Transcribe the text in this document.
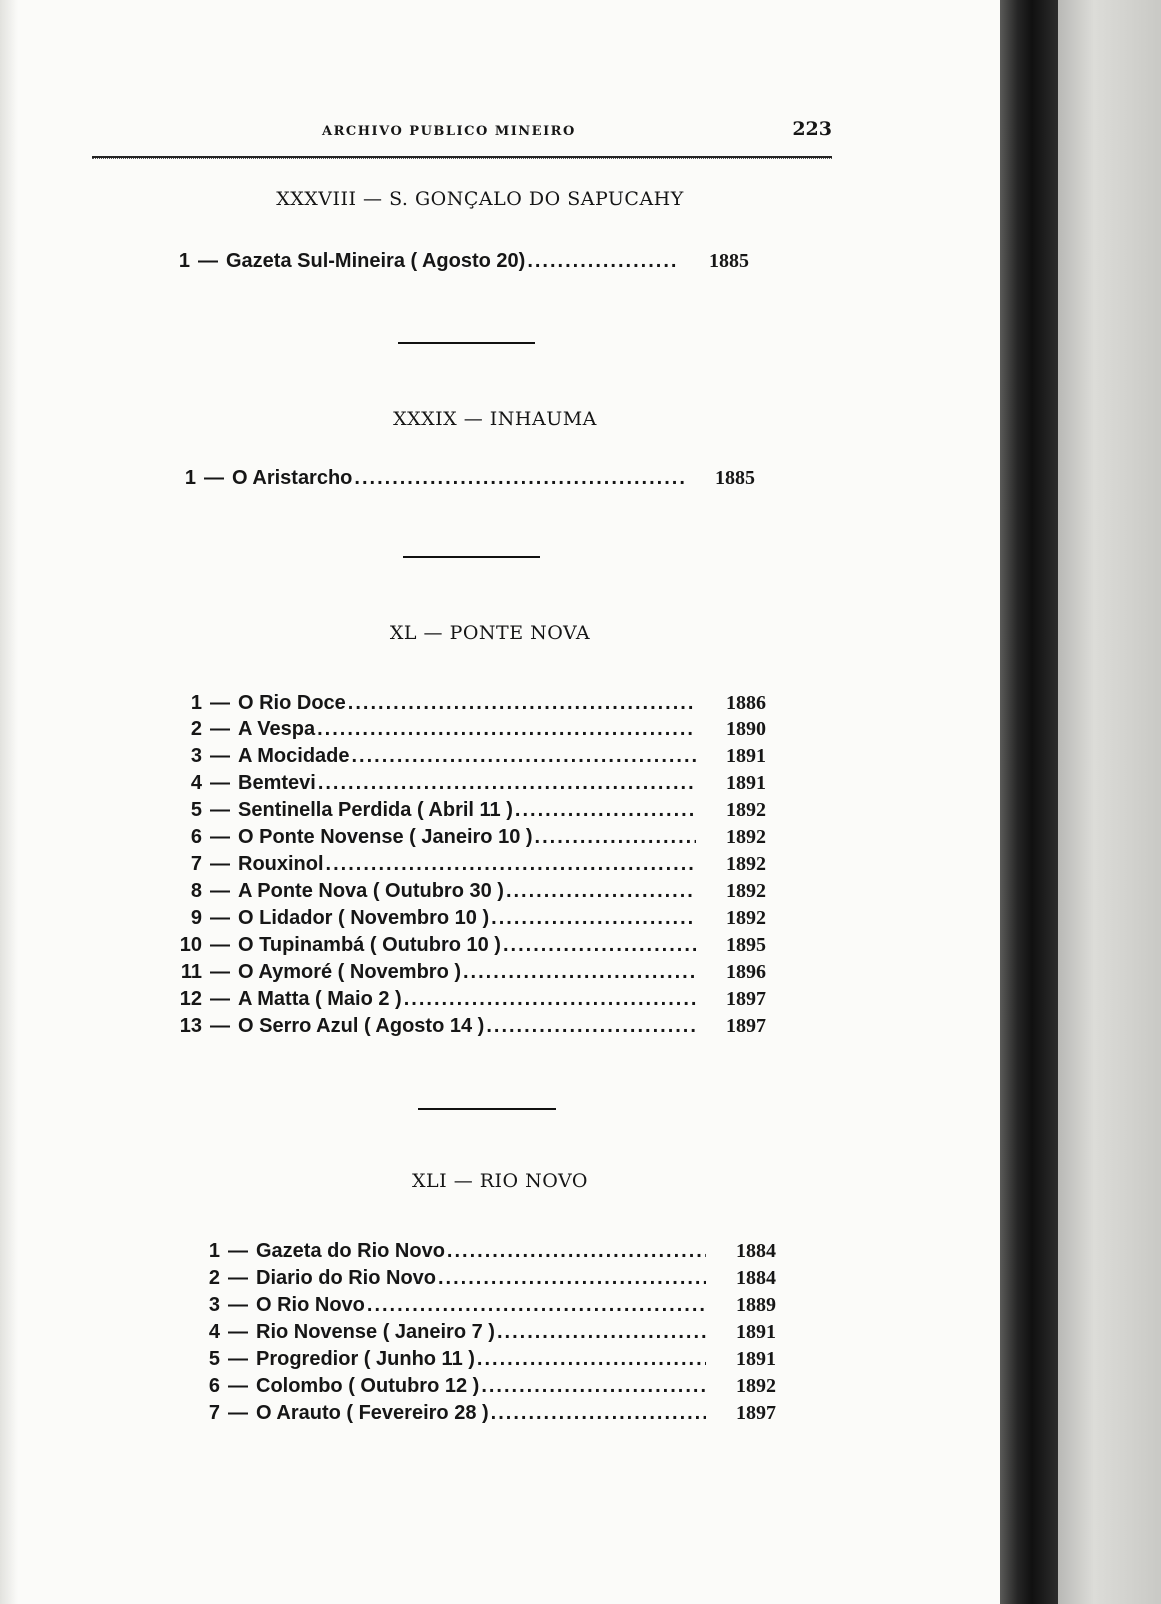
ARCHIVO PUBLICO MINEIRO	223
XXXVIII — S. GONÇALO DO SAPUCAHY
1 — Gazeta Sul-Mineira ( Agosto 20) .....	1885
XXXIX — INHAUMA
1 — O Aristarcho .....	1885
XL — PONTE NOVA
1 — O Rio Doce .....	1886
2 — A Vespa .....	1890
3 — A Mocidade .....	1891
4 — Bemtevi .....	1891
5 — Sentinella Perdida ( Abril 11 ) .....	1892
6 — O Ponte Novense ( Janeiro 10 ) .....	1892
7 — Rouxinol .....	1892
8 — A Ponte Nova ( Outubro 30 ) .....	1892
9 — O Lidador ( Novembro 10 ) .....	1892
10 — O Tupinambá ( Outubro 10 ) .....	1895
11 — O Aymoré ( Novembro ) .....	1896
12 — A Matta ( Maio 2 ) .....	1897
13 — O Serro Azul ( Agosto 14 ) .....	1897
XLI — RIO NOVO
1 — Gazeta do Rio Novo .....	1884
2 — Diario do Rio Novo .....	1884
3 — O Rio Novo .....	1889
4 — Rio Novense ( Janeiro 7 ) .....	1891
5 — Progredior ( Junho 11 ) .....	1891
6 — Colombo ( Outubro 12 ) .....	1892
7 — O Arauto ( Fevereiro 28 ) .....	1897
